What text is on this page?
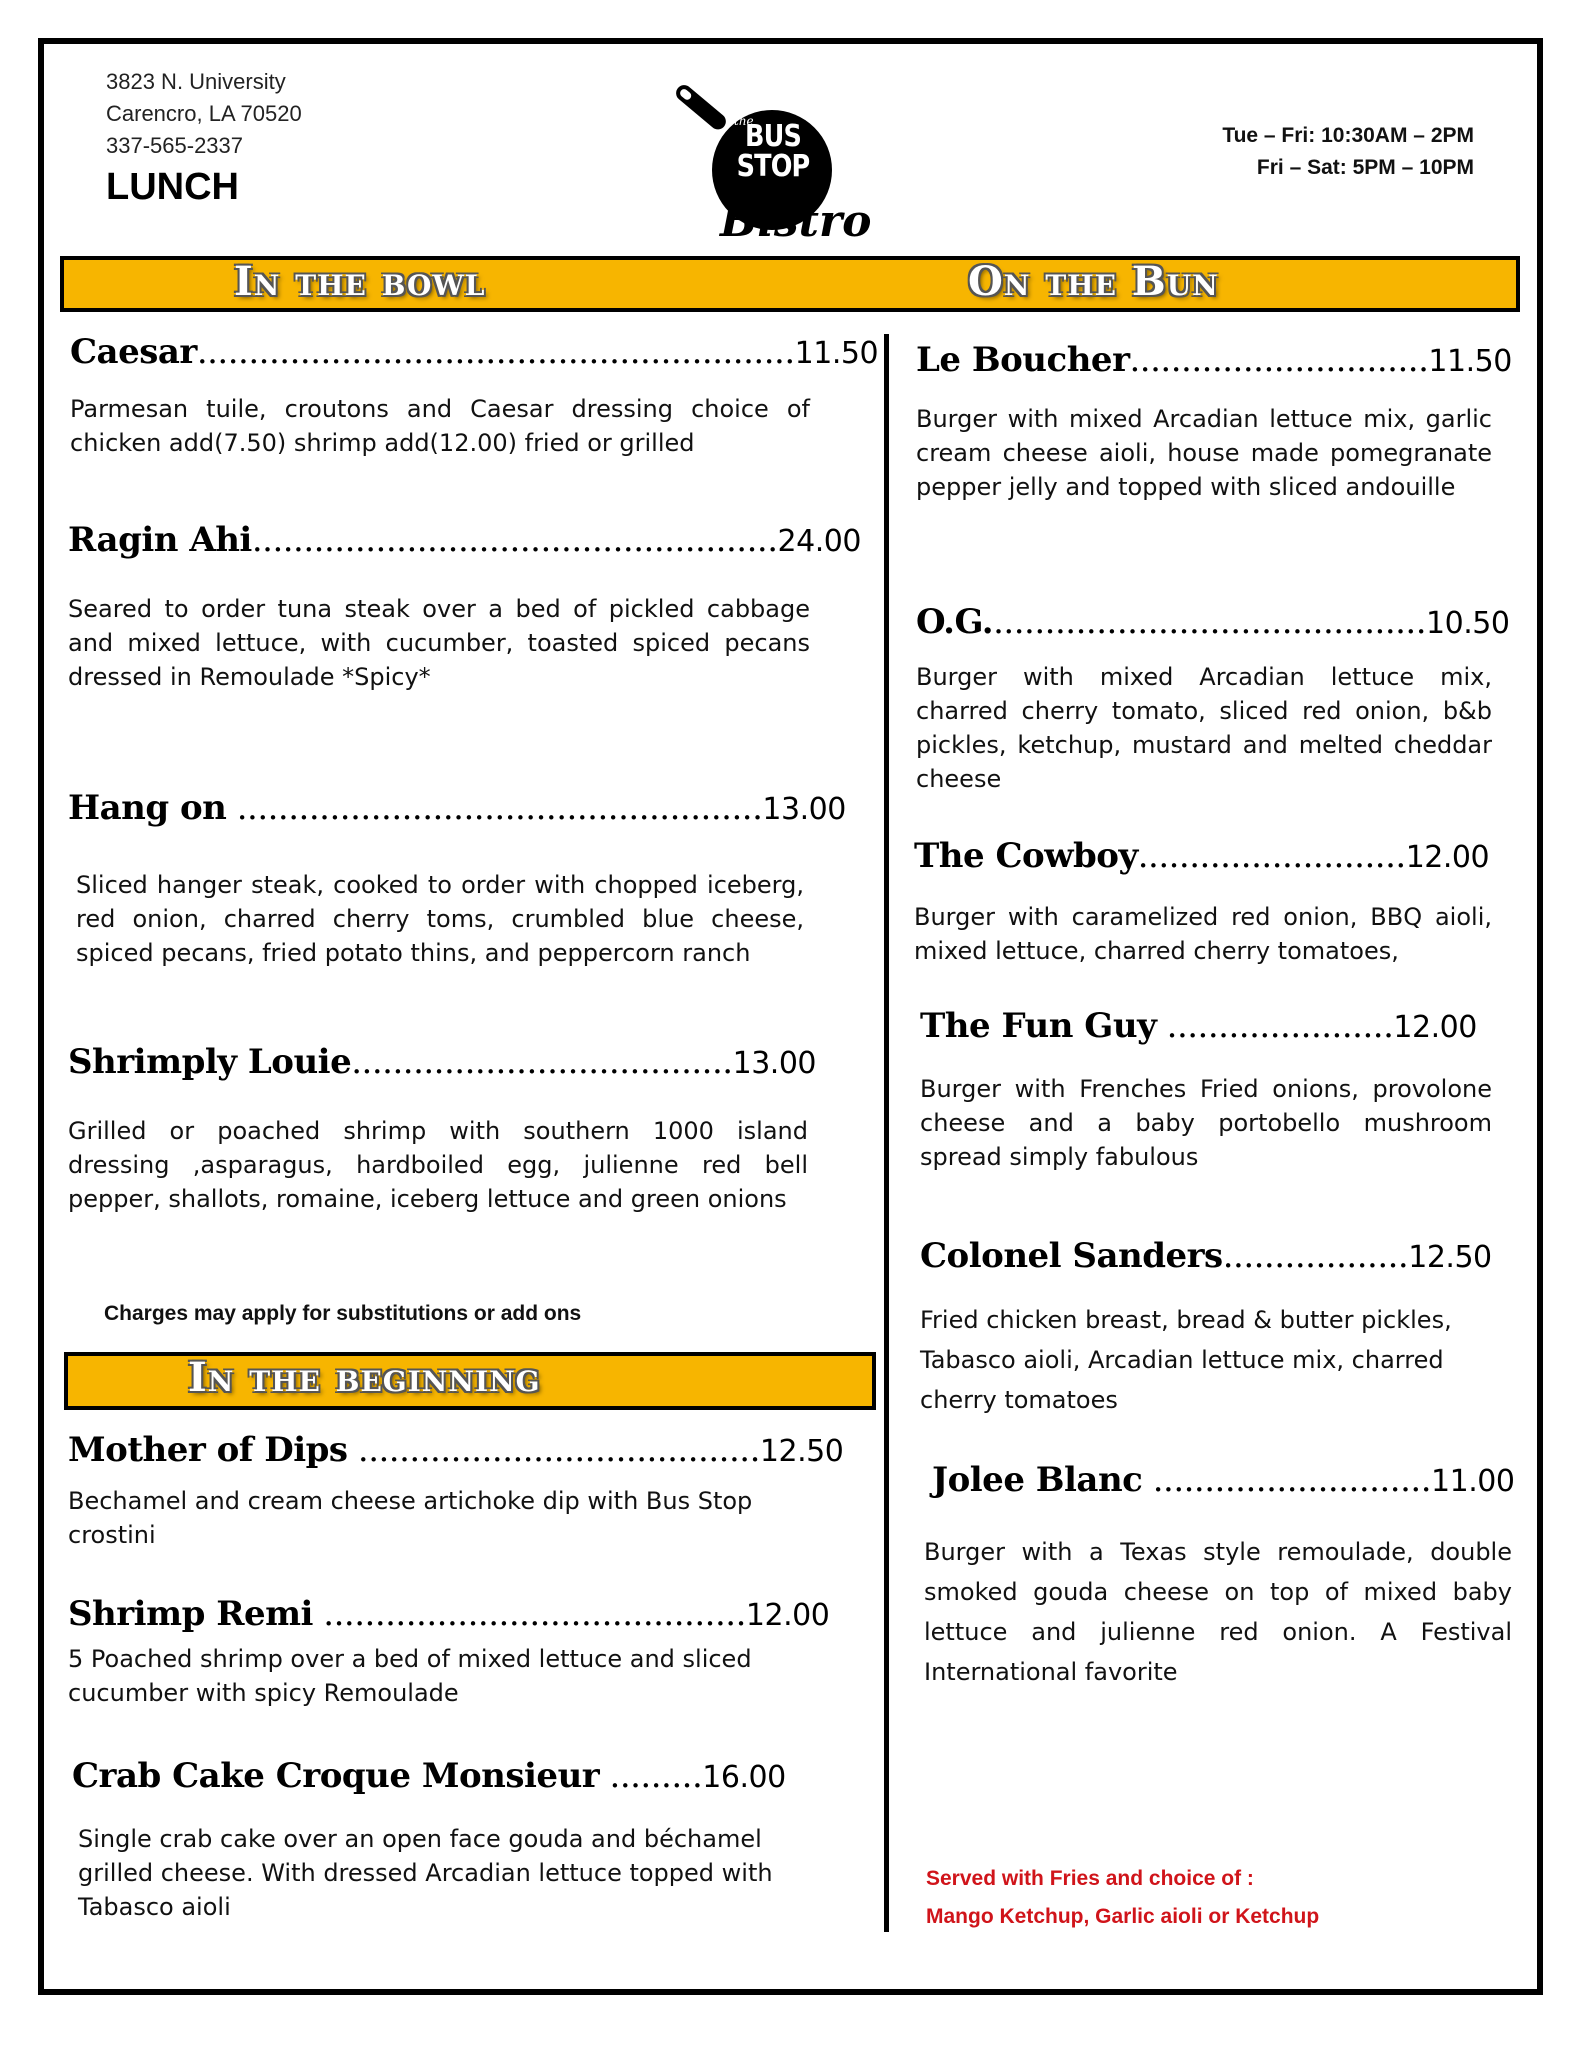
3823 N. University
Carencro, LA 70520
337-565-2337
LUNCH
the
BUS
STOP
Bistro
Tue – Fri: 10:30AM – 2PM
Fri – Sat: 5PM – 10PM
In the bowl	On the Bun
Caesar..........................................................11.50

Parmesan tuile, croutons and Caesar dressing choice of chicken add(7.50) shrimp add(12.00) fried or grilled

Ragin Ahi...................................................24.00

Seared to order tuna steak over a bed of pickled cabbage and mixed lettuce, with cucumber, toasted spiced pecans dressed in Remoulade *Spicy*

Hang on ...................................................13.00

Sliced hanger steak, cooked to order with chopped iceberg, red onion, charred cherry toms, crumbled blue cheese, spiced pecans, fried potato thins, and peppercorn ranch

Shrimply Louie.....................................13.00

Grilled or poached shrimp with southern 1000 island dressing ,asparagus, hardboiled egg, julienne red bell pepper, shallots, romaine, iceberg lettuce and green onions

Charges may apply for substitutions or add ons
In the beginning
Mother of Dips .......................................12.50

Bechamel and cream cheese artichoke dip with Bus Stop crostini

Shrimp Remi .........................................12.00

5 Poached shrimp over a bed of mixed lettuce and sliced cucumber with spicy Remoulade

Crab Cake Croque Monsieur .........16.00

Single crab cake over an open face gouda and béchamel grilled cheese. With dressed Arcadian lettuce topped with Tabasco aioli

Le Boucher.............................11.50

Burger with mixed Arcadian lettuce mix, garlic cream cheese aioli, house made pomegranate pepper jelly and topped with sliced andouille

O.G...........................................10.50

Burger with mixed Arcadian lettuce mix, charred cherry tomato, sliced red onion, b&b pickles, ketchup, mustard and melted cheddar cheese

The Cowboy..........................12.00

Burger with caramelized red onion, BBQ aioli, mixed lettuce, charred cherry tomatoes,

The Fun Guy ......................12.00

Burger with Frenches Fried onions, provolone cheese and a baby portobello mushroom spread simply fabulous

Colonel Sanders..................12.50

Fried chicken breast, bread & butter pickles, Tabasco aioli, Arcadian lettuce mix, charred cherry tomatoes

Jolee Blanc ...........................11.00

Burger with a Texas style remoulade, double smoked gouda cheese on top of mixed baby lettuce and julienne red onion. A Festival International favorite

Served with Fries and choice of :
Mango Ketchup, Garlic aioli or Ketchup
